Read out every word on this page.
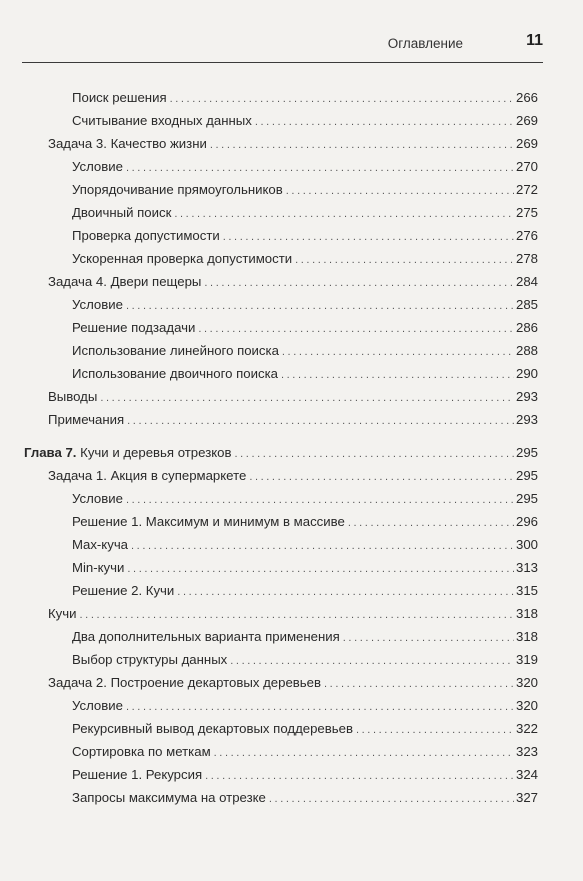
Оглавление	11
Поиск решения .....	266
Считывание входных данных .....	269
Задача 3. Качество жизни .....	269
Условие .....	270
Упорядочивание прямоугольников .....	272
Двоичный поиск .....	275
Проверка допустимости .....	276
Ускоренная проверка допустимости .....	278
Задача 4. Двери пещеры .....	284
Условие .....	285
Решение подзадачи .....	286
Использование линейного поиска .....	288
Использование двоичного поиска .....	290
Выводы .....	293
Примечания .....	293
Глава 7. Кучи и деревья отрезков .....	295
Задача 1. Акция в супермаркете .....	295
Условие .....	295
Решение 1. Максимум и минимум в массиве .....	296
Max-куча .....	300
Min-кучи .....	313
Решение 2. Кучи .....	315
Кучи .....	318
Два дополнительных варианта применения .....	318
Выбор структуры данных .....	319
Задача 2. Построение декартовых деревьев .....	320
Условие .....	320
Рекурсивный вывод декартовых поддеревьев .....	322
Сортировка по меткам .....	323
Решение 1. Рекурсия .....	324
Запросы максимума на отрезке .....	327
